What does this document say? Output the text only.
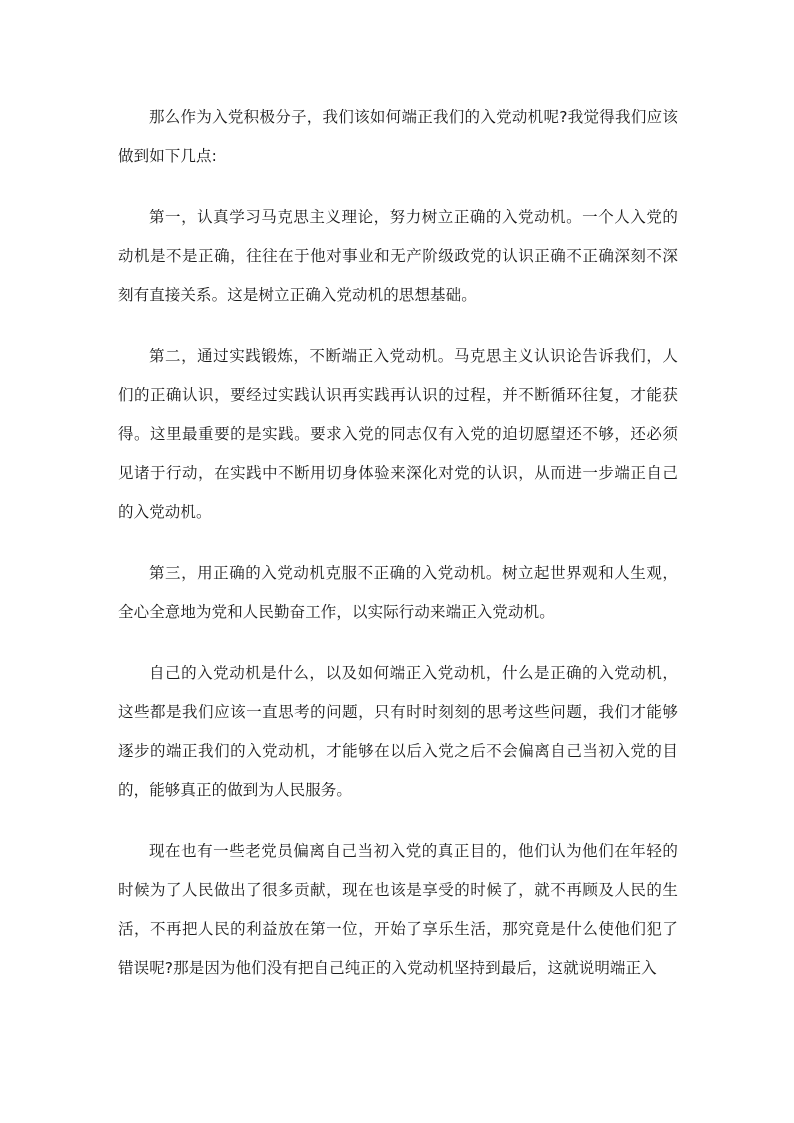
那么作为入党积极分子，我们该如何端正我们的入党动机呢?我觉得我们应该做到如下几点:

第一，认真学习马克思主义理论，努力树立正确的入党动机。一个人入党的动机是不是正确，往往在于他对事业和无产阶级政党的认识正确不正确深刻不深刻有直接关系。这是树立正确入党动机的思想基础。

第二，通过实践锻炼，不断端正入党动机。马克思主义认识论告诉我们，人们的正确认识，要经过实践认识再实践再认识的过程，并不断循环往复，才能获得。这里最重要的是实践。要求入党的同志仅有入党的迫切愿望还不够，还必须见诸于行动，在实践中不断用切身体验来深化对党的认识，从而进一步端正自己的入党动机。

第三，用正确的入党动机克服不正确的入党动机。树立起世界观和人生观，全心全意地为党和人民勤奋工作，以实际行动来端正入党动机。

自己的入党动机是什么，以及如何端正入党动机，什么是正确的入党动机，这些都是我们应该一直思考的问题，只有时时刻刻的思考这些问题，我们才能够逐步的端正我们的入党动机，才能够在以后入党之后不会偏离自己当初入党的目的，能够真正的做到为人民服务。

现在也有一些老党员偏离自己当初入党的真正目的，他们认为他们在年轻的时候为了人民做出了很多贡献，现在也该是享受的时候了，就不再顾及人民的生活，不再把人民的利益放在第一位，开始了享乐生活，那究竟是什么使他们犯了错误呢?那是因为他们没有把自己纯正的入党动机坚持到最后，这就说明端正入
